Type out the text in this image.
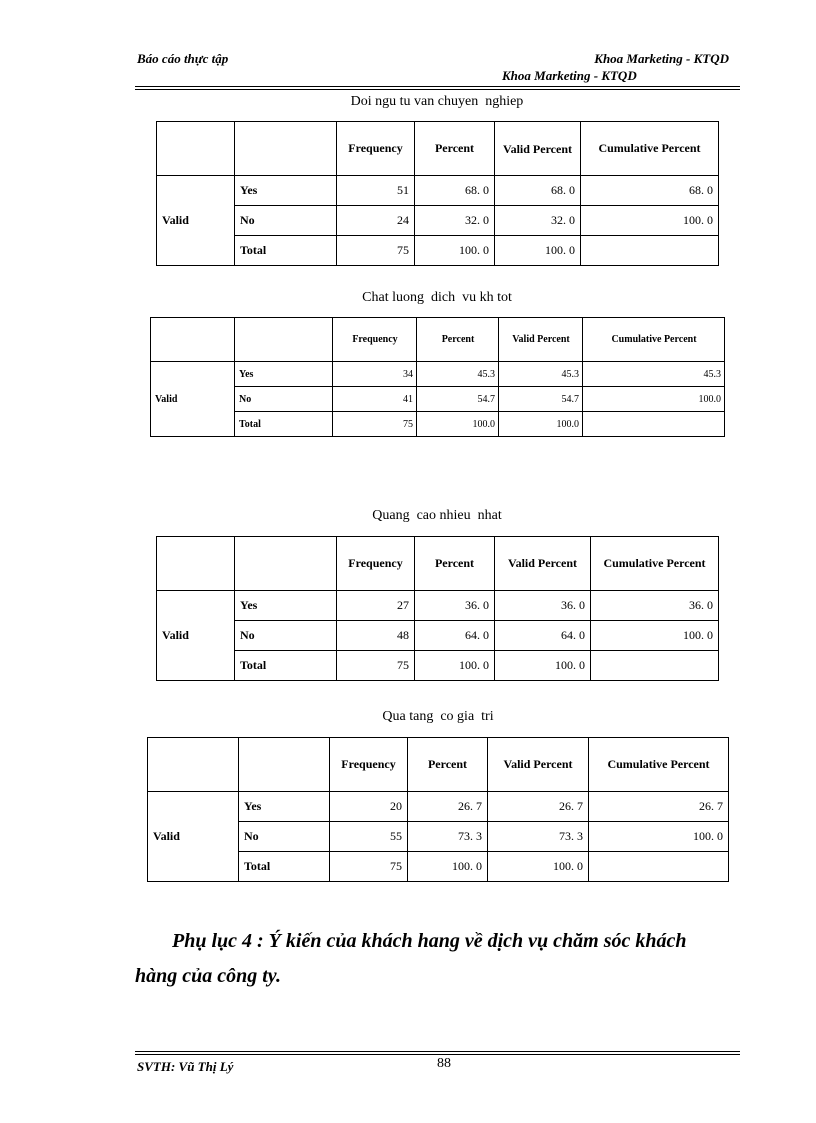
Báo cáo thực tập	Khoa Marketing - KTQD
Khoa Marketing - KTQD
Doi ngu tu van chuyen  nghiep
		Frequency	Percent	Valid Percent	Cumulative Percent
Valid	Yes	51	68. 0	68. 0	68. 0
	No	24	32. 0	32. 0	100. 0
	Total	75	100. 0	100. 0	
Chat luong  dich  vu kh tot
		Frequency	Percent	Valid Percent	Cumulative Percent
Valid	Yes	34	45.3	45.3	45.3
	No	41	54.7	54.7	100.0
	Total	75	100.0	100.0	
Quang  cao nhieu  nhat
		Frequency	Percent	Valid Percent	Cumulative Percent
Valid	Yes	27	36. 0	36. 0	36. 0
	No	48	64. 0	64. 0	100. 0
	Total	75	100. 0	100. 0	
Qua tang  co gia  tri
		Frequency	Percent	Valid Percent	Cumulative Percent
Valid	Yes	20	26. 7	26. 7	26. 7
	No	55	73. 3	73. 3	100. 0
	Total	75	100. 0	100. 0	
Phụ lục 4 : Ý kiến của khách hang về dịch vụ chăm sóc khách
hàng của công ty.
SVTH: Vũ Thị Lý	88
